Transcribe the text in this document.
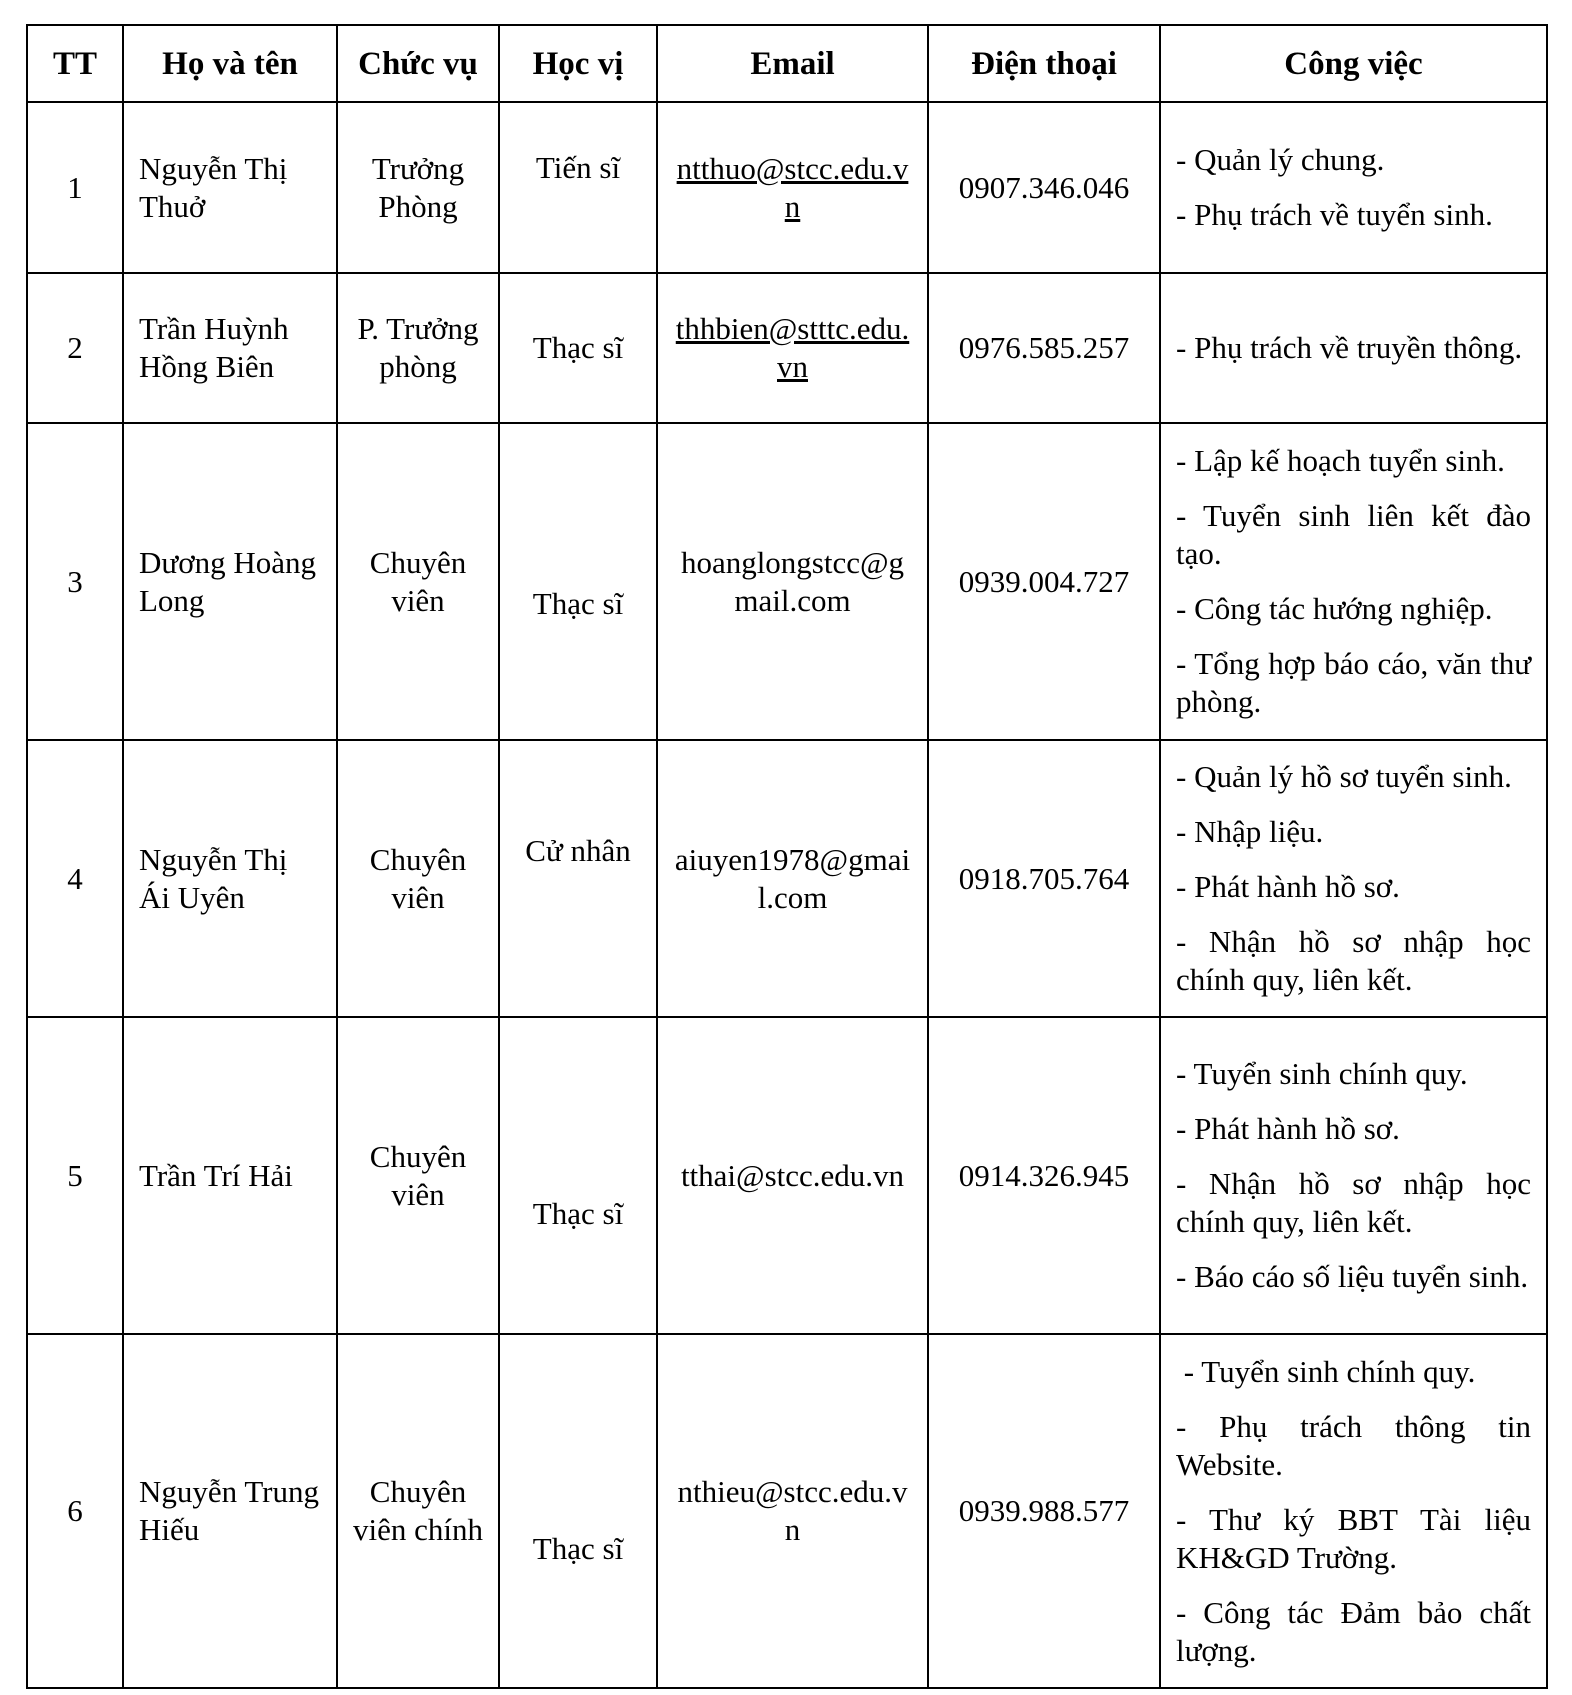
TT	Họ và tên	Chức vụ	Học vị	Email	Điện thoại	Công việc
1	Nguyễn Thị Thuở	Trưởng Phòng	Tiến sĩ	ntthuo@stcc.edu.vn	0907.346.046	- Quản lý chung.
- Phụ trách về tuyển sinh.

2	Trần Huỳnh Hồng Biên	P. Trưởng phòng	Thạc sĩ	thhbien@stttc.edu.vn	0976.585.257	- Phụ trách về truyền thông.

3	Dương Hoàng Long	Chuyên viên	Thạc sĩ	hoanglongstcc@gmail.com	0939.004.727	- Lập kế hoạch tuyển sinh.
- Tuyển sinh liên kết đào tạo.
- Công tác hướng nghiệp.
- Tổng hợp báo cáo, văn thư phòng.

4	Nguyễn Thị Ái Uyên	Chuyên viên	Cử nhân	aiuyen1978@gmail.com	0918.705.764	- Quản lý hồ sơ tuyển sinh.
- Nhập liệu.
- Phát hành hồ sơ.
- Nhận hồ sơ nhập học chính quy, liên kết.

5	Trần Trí Hải	Chuyên viên	Thạc sĩ	tthai@stcc.edu.vn	0914.326.945	- Tuyển sinh chính quy.
- Phát hành hồ sơ.
- Nhận hồ sơ nhập học chính quy, liên kết.
- Báo cáo số liệu tuyển sinh.

6	Nguyễn Trung Hiếu	Chuyên viên chính	Thạc sĩ	nthieu@stcc.edu.vn	0939.988.577	- Tuyển sinh chính quy.
- Phụ trách thông tin Website.
- Thư ký BBT Tài liệu KH&GD Trường.
- Công tác Đảm bảo chất lượng.
